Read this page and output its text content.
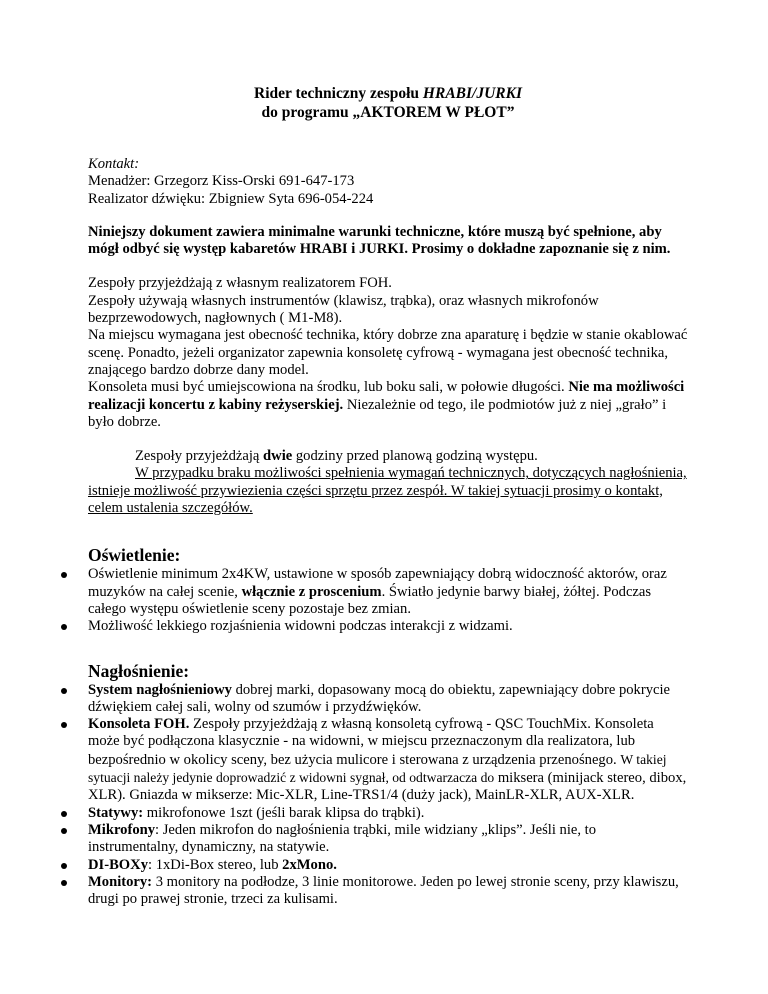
Rider techniczny zespołu HRABI/JURKI
do programu „AKTOREM W PŁOT”
Kontakt:
Menadżer: Grzegorz Kiss-Orski 691-647-173
Realizator dźwięku: Zbigniew Syta 696-054-224
Niniejszy dokument zawiera minimalne warunki techniczne, które muszą być spełnione, aby mógł odbyć się występ kabaretów HRABI i JURKI. Prosimy o dokładne zapoznanie się z nim.
Zespoły przyjeżdżają z własnym realizatorem FOH.
Zespoły używają własnych instrumentów (klawisz, trąbka), oraz własnych mikrofonów bezprzewodowych, nagłownych ( M1-M8).
Na miejscu wymagana jest obecność technika, który dobrze zna aparaturę i będzie w stanie okablować scenę. Ponadto, jeżeli organizator zapewnia konsoletę cyfrową - wymagana jest obecność technika, znającego bardzo dobrze dany model.
Konsoleta musi być umiejscowiona na środku, lub boku sali, w połowie długości. Nie ma możliwości realizacji koncertu z kabiny reżyserskiej. Niezależnie od tego, ile podmiotów już z niej „grało” i było dobrze.
Zespoły przyjeżdżają dwie godziny przed planową godziną występu.
W przypadku braku możliwości spełnienia wymagań technicznych, dotyczących nagłośnienia, istnieje możliwość przywiezienia części sprzętu przez zespół. W takiej sytuacji prosimy o kontakt, celem ustalenia szczegółów.
Oświetlenie:
Oświetlenie minimum 2x4KW, ustawione w sposób zapewniający dobrą widoczność aktorów, oraz muzyków na całej scenie, włącznie z proscenium. Światło jedynie barwy białej, żółtej. Podczas całego występu oświetlenie sceny pozostaje bez zmian.
Możliwość lekkiego rozjaśnienia widowni podczas interakcji z widzami.
Nagłośnienie:
System nagłośnieniowy dobrej marki, dopasowany mocą do obiektu, zapewniający dobre pokrycie dźwiękiem całej sali, wolny od szumów i przydźwięków.
Konsoleta FOH. Zespoły przyjeżdżają z własną konsoletą cyfrową - QSC TouchMix. Konsoleta może być podłączona klasycznie - na widowni, w miejscu przeznaczonym dla realizatora, lub bezpośrednio w okolicy sceny, bez użycia mulicore i sterowana z urządzenia przenośnego. W takiej sytuacji należy jedynie doprowadzić z widowni sygnał, od odtwarzacza do miksera (minijack stereo, dibox, XLR). Gniazda w mikserze: Mic-XLR, Line-TRS1/4 (duży jack), MainLR-XLR, AUX-XLR.
Statywy: mikrofonowe 1szt (jeśli barak klipsa do trąbki).
Mikrofony: Jeden mikrofon do nagłośnienia trąbki, mile widziany „klips”. Jeśli nie, to instrumentalny, dynamiczny, na statywie.
DI-BOXy: 1xDi-Box stereo, lub 2xMono.
Monitory: 3 monitory na podłodze, 3 linie monitorowe. Jeden po lewej stronie sceny, przy klawiszu, drugi po prawej stronie, trzeci za kulisami.
